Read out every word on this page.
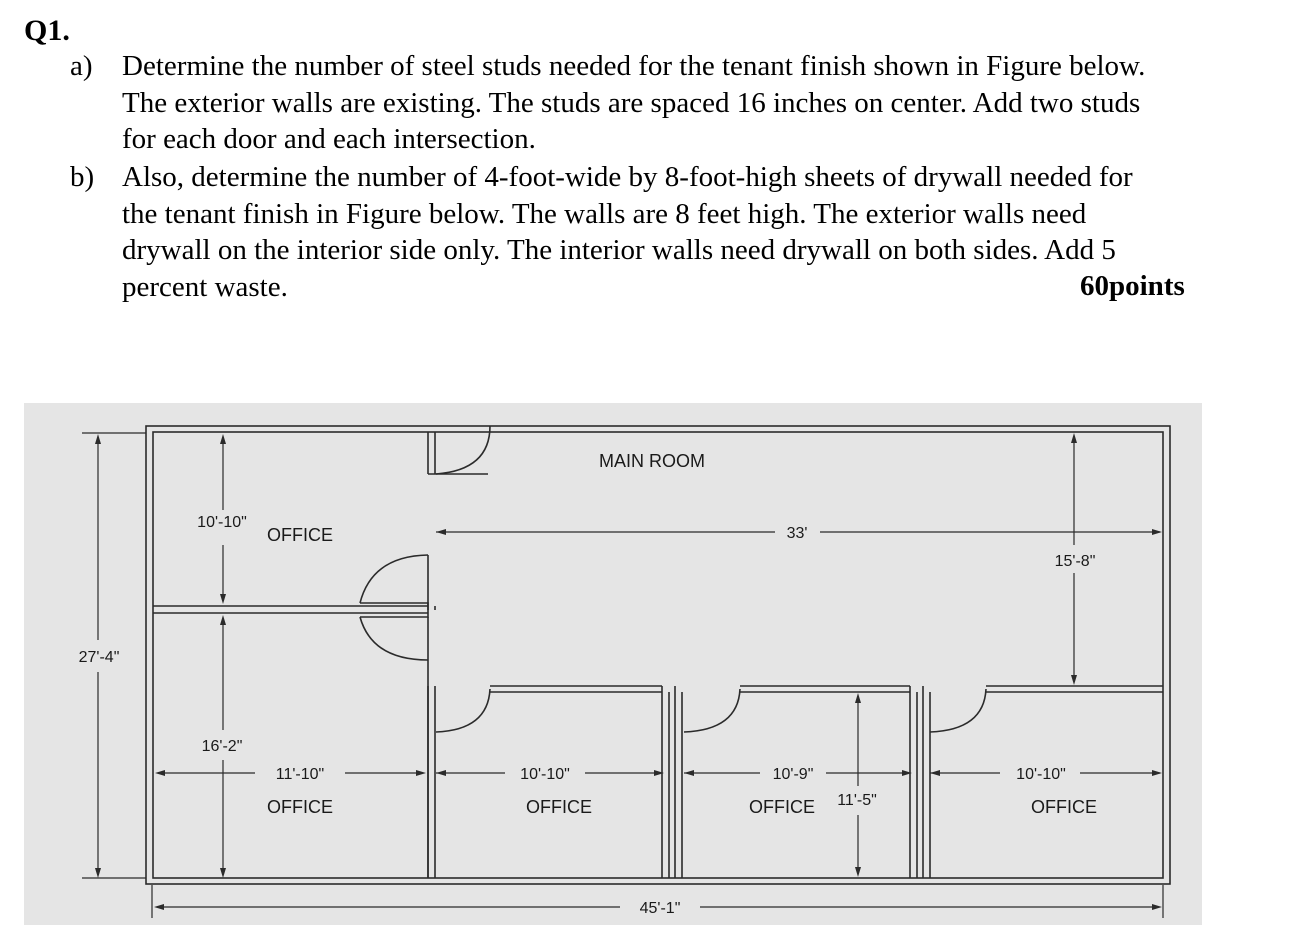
Q1.
a) Determine the number of steel studs needed for the tenant finish shown in Figure below.
The exterior walls are existing. The studs are spaced 16 inches on center. Add two studs
for each door and each intersection.
b) Also, determine the number of 4-foot-wide by 8-foot-high sheets of drywall needed for
the tenant finish in Figure below. The walls are 8 feet high. The exterior walls need
drywall on the interior side only. The interior walls need drywall on both sides. Add 5
percent waste.	60points
MAIN ROOM
OFFICE
OFFICE	OFFICE	OFFICE	OFFICE
27'-4"
45'-1"
10'-10"
16'-2"
33'
15'-8"
11'-10"	10'-10"	10'-9"
11'-5"
10'-10"
